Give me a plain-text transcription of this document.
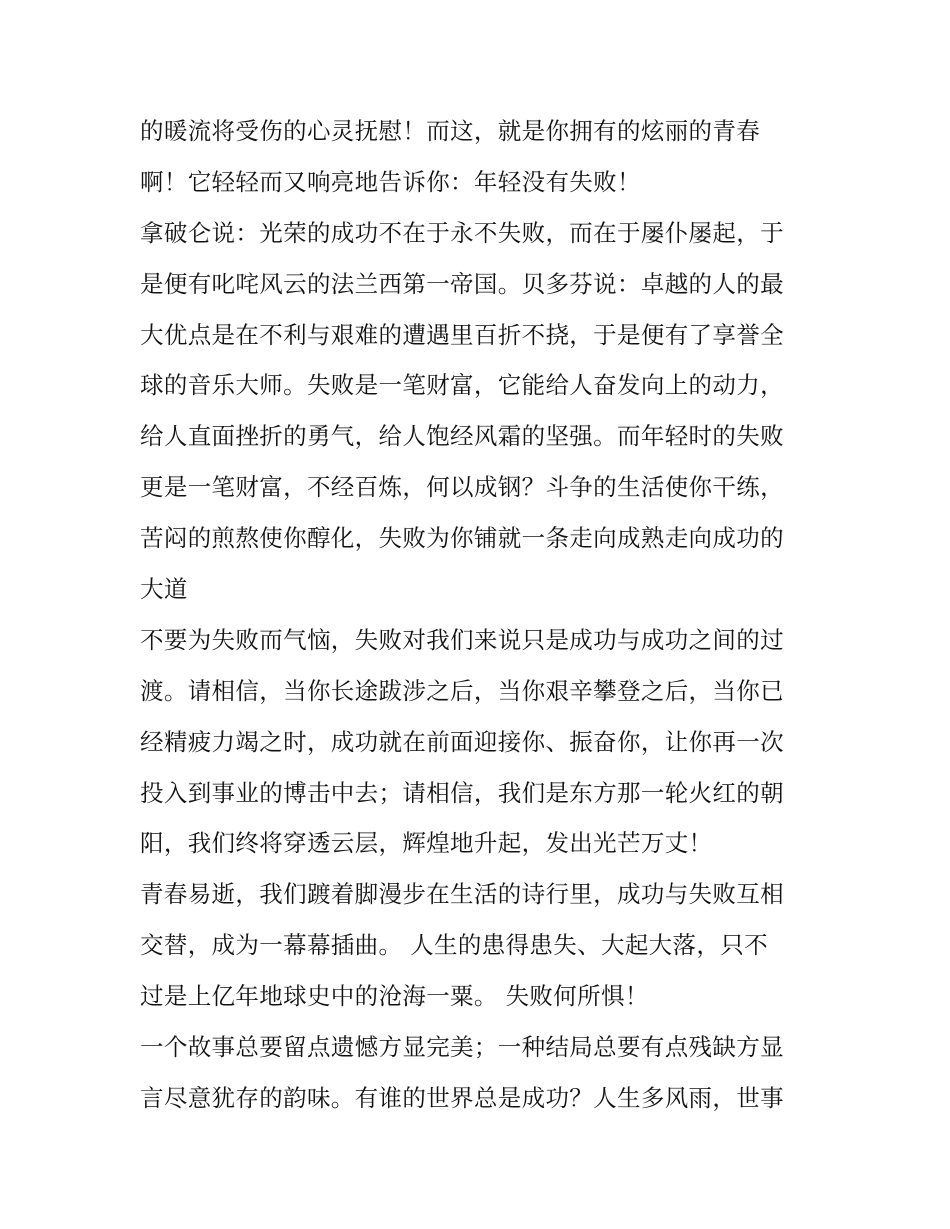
的暖流将受伤的心灵抚慰！而这，就是你拥有的炫丽的青春
啊！它轻轻而又响亮地告诉你：年轻没有失败！
拿破仑说：光荣的成功不在于永不失败，而在于屡仆屡起，于
是便有叱咤风云的法兰西第一帝国。贝多芬说：卓越的人的最
大优点是在不利与艰难的遭遇里百折不挠，于是便有了享誉全
球的音乐大师。失败是一笔财富，它能给人奋发向上的动力，
给人直面挫折的勇气，给人饱经风霜的坚强。而年轻时的失败
更是一笔财富，不经百炼，何以成钢？斗争的生活使你干练，
苦闷的煎熬使你醇化，失败为你铺就一条走向成熟走向成功的
大道
不要为失败而气恼，失败对我们来说只是成功与成功之间的过
渡。请相信，当你长途跋涉之后，当你艰辛攀登之后，当你已
经精疲力竭之时，成功就在前面迎接你、振奋你，让你再一次
投入到事业的博击中去；请相信，我们是东方那一轮火红的朝
阳，我们终将穿透云层，辉煌地升起，发出光芒万丈！
青春易逝，我们踱着脚漫步在生活的诗行里，成功与失败互相
交替，成为一幕幕插曲。 人生的患得患失、大起大落，只不
过是上亿年地球史中的沧海一粟。 失败何所惧！
一个故事总要留点遗憾方显完美；一种结局总要有点残缺方显
言尽意犹存的韵味。有谁的世界总是成功？人生多风雨，世事
